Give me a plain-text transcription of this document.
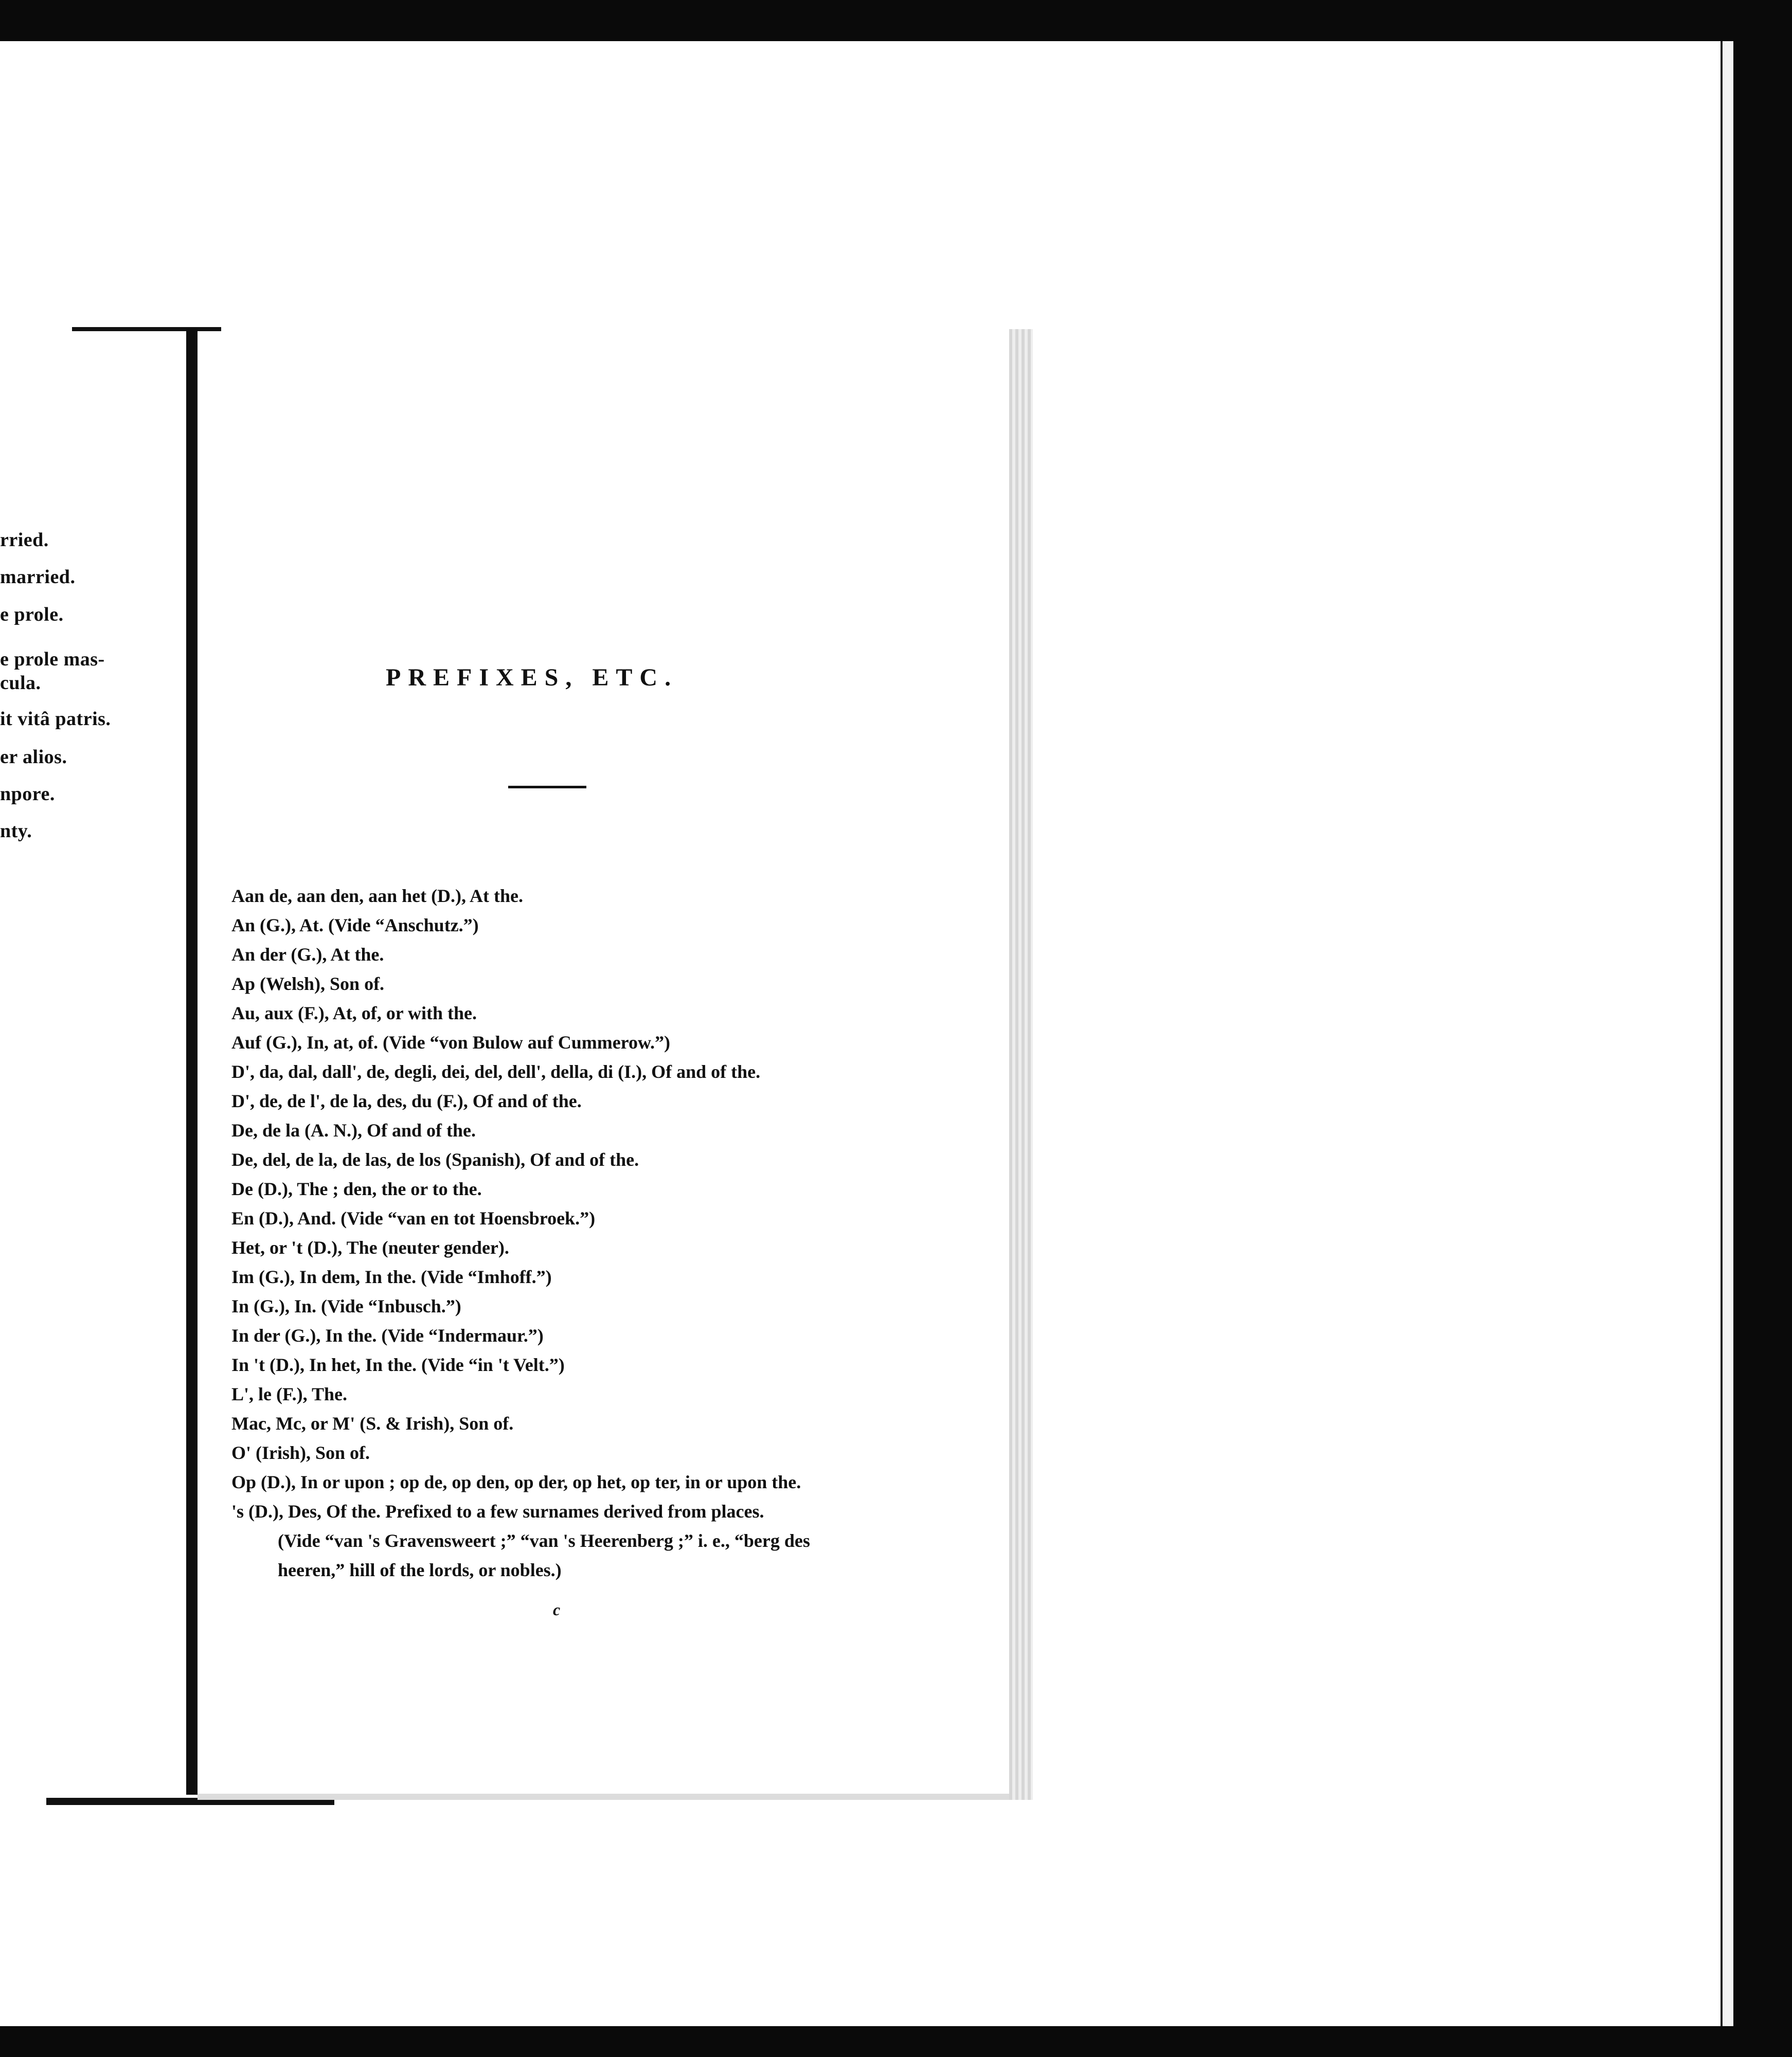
rried.
married.
e prole.
e prole mas-
cula.
it vitâ patris.
er alios.
npore.
nty.
PREFIXES, ETC.
Aan de, aan den, aan het (D.), At the.
An (G.), At. (Vide “Anschutz.”)
An der (G.), At the.
Ap (Welsh), Son of.
Au, aux (F.), At, of, or with the.
Auf (G.), In, at, of. (Vide “von Bulow auf Cummerow.”)
D', da, dal, dall', de, degli, dei, del, dell', della, di (I.), Of and of the.
D', de, de l', de la, des, du (F.), Of and of the.
De, de la (A. N.), Of and of the.
De, del, de la, de las, de los (Spanish), Of and of the.
De (D.), The ; den, the or to the.
En (D.), And. (Vide “van en tot Hoensbroek.”)
Het, or 't (D.), The (neuter gender).
Im (G.), In dem, In the. (Vide “Imhoff.”)
In (G.), In. (Vide “Inbusch.”)
In der (G.), In the. (Vide “Indermaur.”)
In 't (D.), In het, In the. (Vide “in 't Velt.”)
L', le (F.), The.
Mac, Mc, or M' (S. & Irish), Son of.
O' (Irish), Son of.
Op (D.), In or upon ; op de, op den, op der, op het, op ter, in or upon the.
's (D.), Des, Of the. Prefixed to a few surnames derived from places.
(Vide “van 's Gravensweert ;” “van 's Heerenberg ;” i. e., “berg des
heeren,” hill of the lords, or nobles.)
c
